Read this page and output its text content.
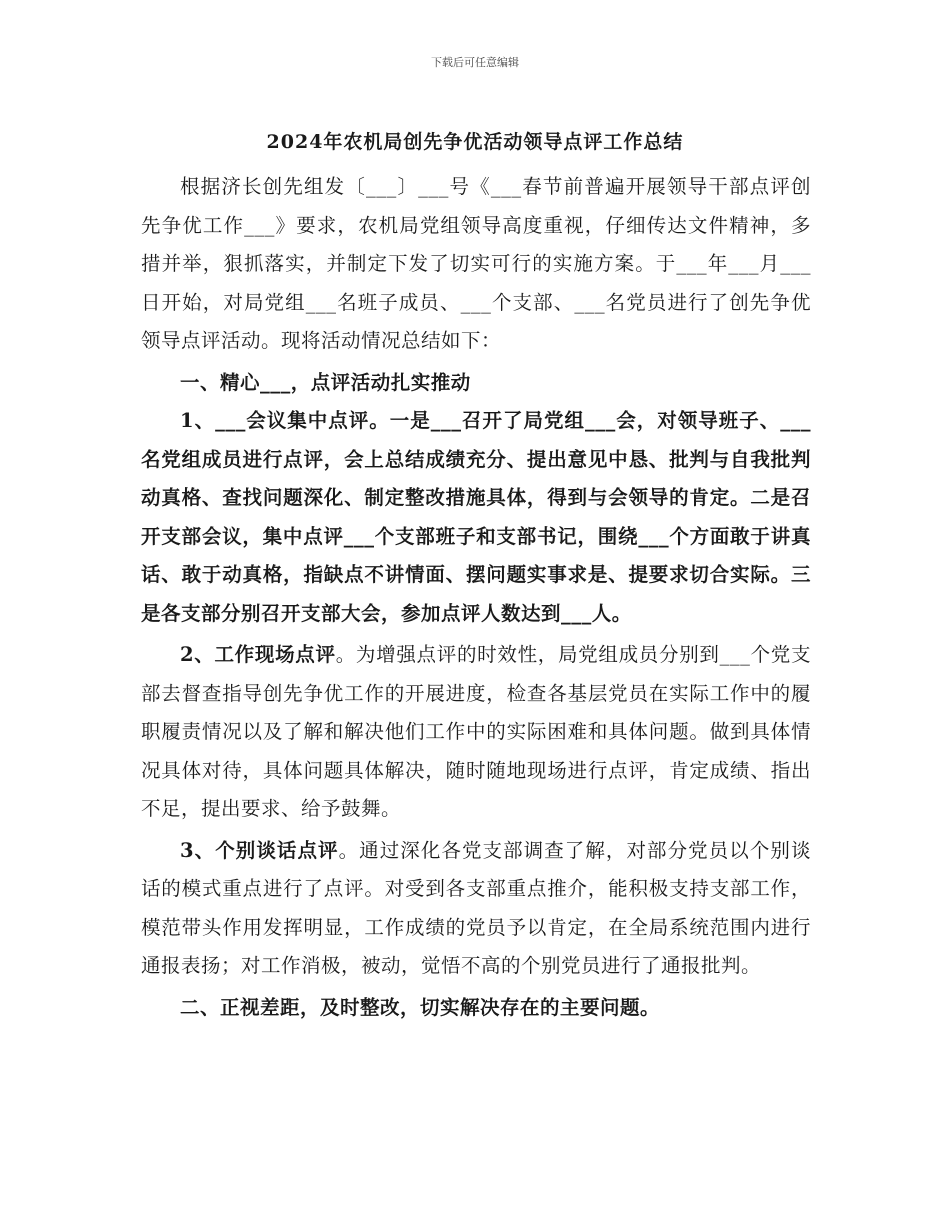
下载后可任意编辑
2024年农机局创先争优活动领导点评工作总结

根据济长创先组发〔___〕___号《___春节前普遍开展领导干部点评创先争优工作___》要求，农机局党组领导高度重视，仔细传达文件精神，多措并举，狠抓落实，并制定下发了切实可行的实施方案。于___年___月___日开始，对局党组___名班子成员、___个支部、___名党员进行了创先争优领导点评活动。现将活动情况总结如下：

一、精心___，点评活动扎实推动

1、___会议集中点评。一是___召开了局党组___会，对领导班子、___名党组成员进行点评，会上总结成绩充分、提出意见中恳、批判与自我批判动真格、查找问题深化、制定整改措施具体，得到与会领导的肯定。二是召开支部会议，集中点评___个支部班子和支部书记，围绕___个方面敢于讲真话、敢于动真格，指缺点不讲情面、摆问题实事求是、提要求切合实际。三是各支部分别召开支部大会，参加点评人数达到___人。

2、工作现场点评。为增强点评的时效性，局党组成员分别到___个党支部去督查指导创先争优工作的开展进度，检查各基层党员在实际工作中的履职履责情况以及了解和解决他们工作中的实际困难和具体问题。做到具体情况具体对待，具体问题具体解决，随时随地现场进行点评，肯定成绩、指出不足，提出要求、给予鼓舞。

3、个别谈话点评。通过深化各党支部调查了解，对部分党员以个别谈话的模式重点进行了点评。对受到各支部重点推介，能积极支持支部工作，模范带头作用发挥明显，工作成绩的党员予以肯定，在全局系统范围内进行通报表扬；对工作消极，被动，觉悟不高的个别党员进行了通报批判。

二、正视差距，及时整改，切实解决存在的主要问题。
